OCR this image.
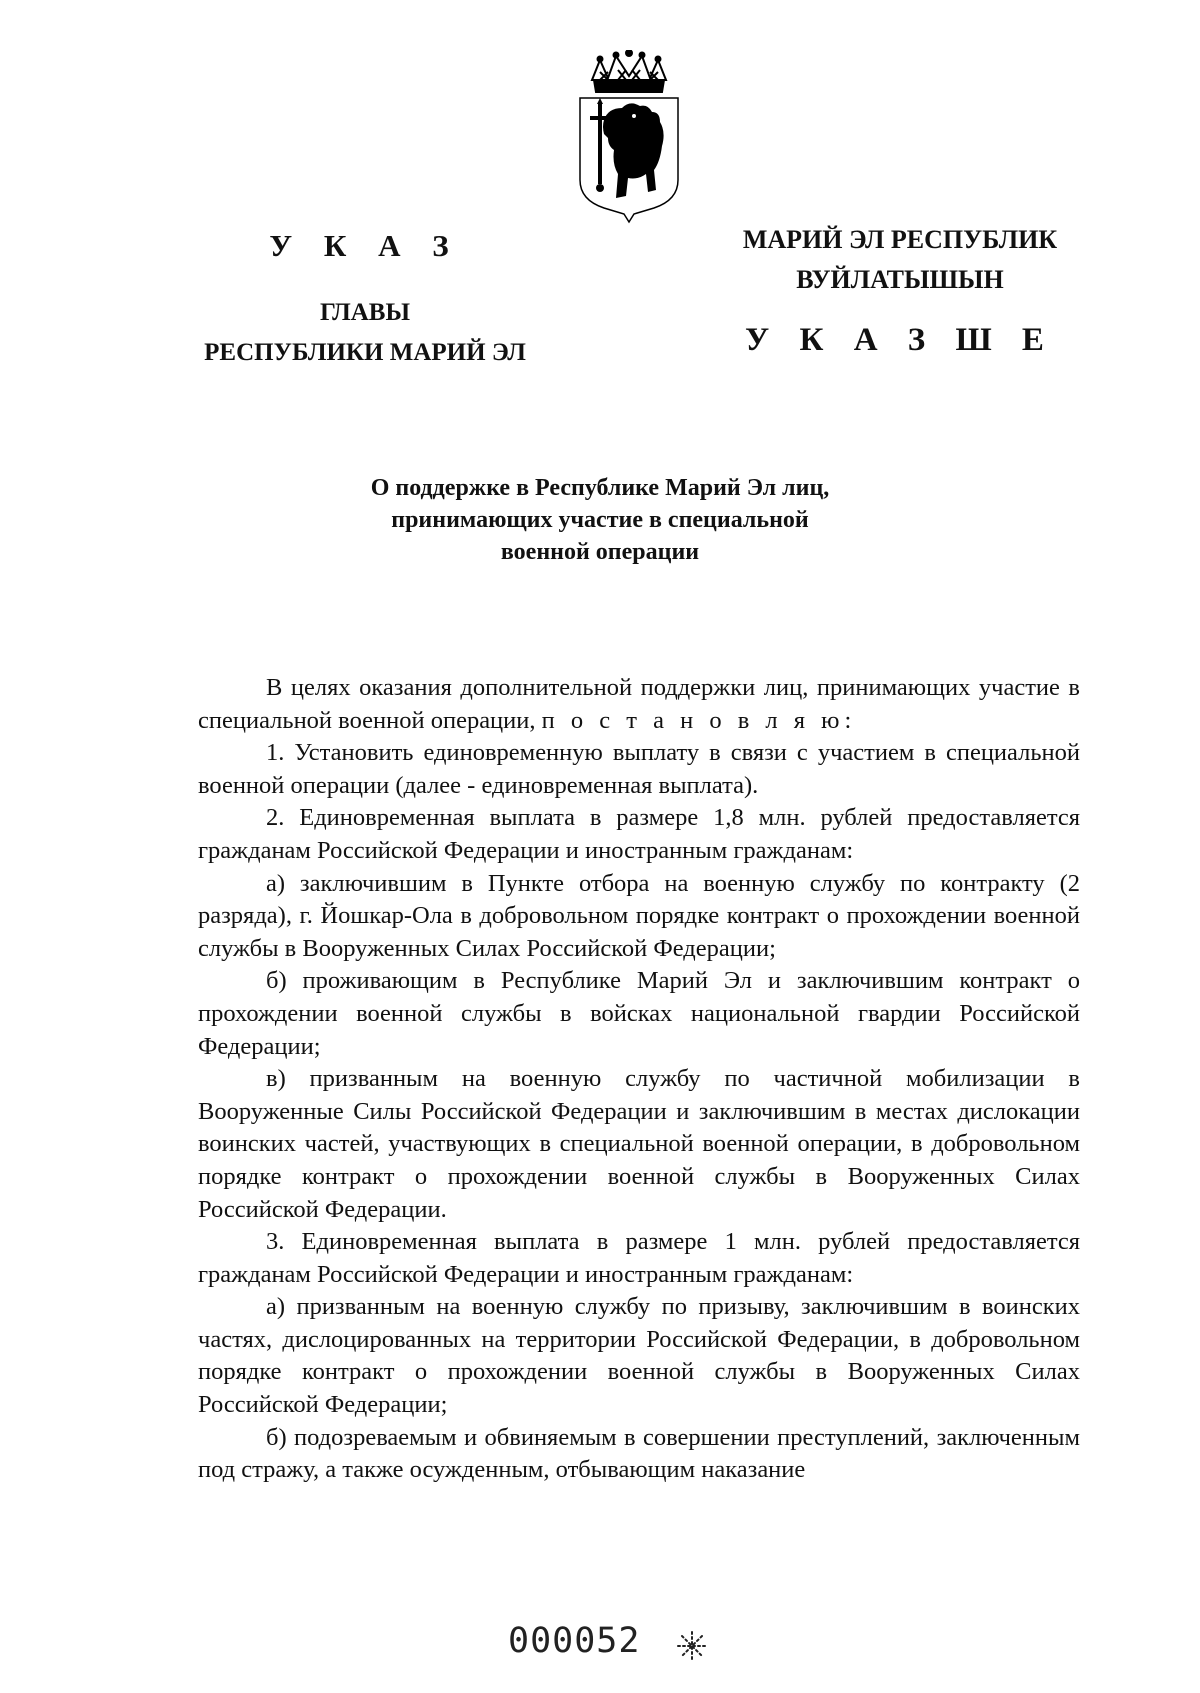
У К А З
ГЛАВЫ
РЕСПУБЛИКИ МАРИЙ ЭЛ
МАРИЙ ЭЛ РЕСПУБЛИК
ВУЙЛАТЫШЫН
У К А З Ш Е
О поддержке в Республике Марий Эл лиц,
принимающих участие в специальной
военной операции

В целях оказания дополнительной поддержки лиц, принимающих участие в специальной военной операции, п о с т а н о в л я ю:

1. Установить единовременную выплату в связи с участием в специальной военной операции (далее - единовременная выплата).

2. Единовременная выплата в размере 1,8 млн. рублей предоставляется гражданам Российской Федерации и иностранным гражданам:

а) заключившим в Пункте отбора на военную службу по контракту (2 разряда), г. Йошкар-Ола в добровольном порядке контракт о прохождении военной службы в Вооруженных Силах Российской Федерации;

б) проживающим в Республике Марий Эл и заключившим контракт о прохождении военной службы в войсках национальной гвардии Российской Федерации;

в) призванным на военную службу по частичной мобилизации в Вооруженные Силы Российской Федерации и заключившим в местах дислокации воинских частей, участвующих в специальной военной операции, в добровольном порядке контракт о прохождении военной службы в Вооруженных Силах Российской Федерации.

3. Единовременная выплата в размере 1 млн. рублей предоставляется гражданам Российской Федерации и иностранным гражданам:

а) призванным на военную службу по призыву, заключившим в воинских частях, дислоцированных на территории Российской Федерации, в добровольном порядке контракт о прохождении военной службы в Вооруженных Силах Российской Федерации;

б) подозреваемым и обвиняемым в совершении преступлений, заключенным под стражу, а также осужденным, отбывающим наказание

000052
